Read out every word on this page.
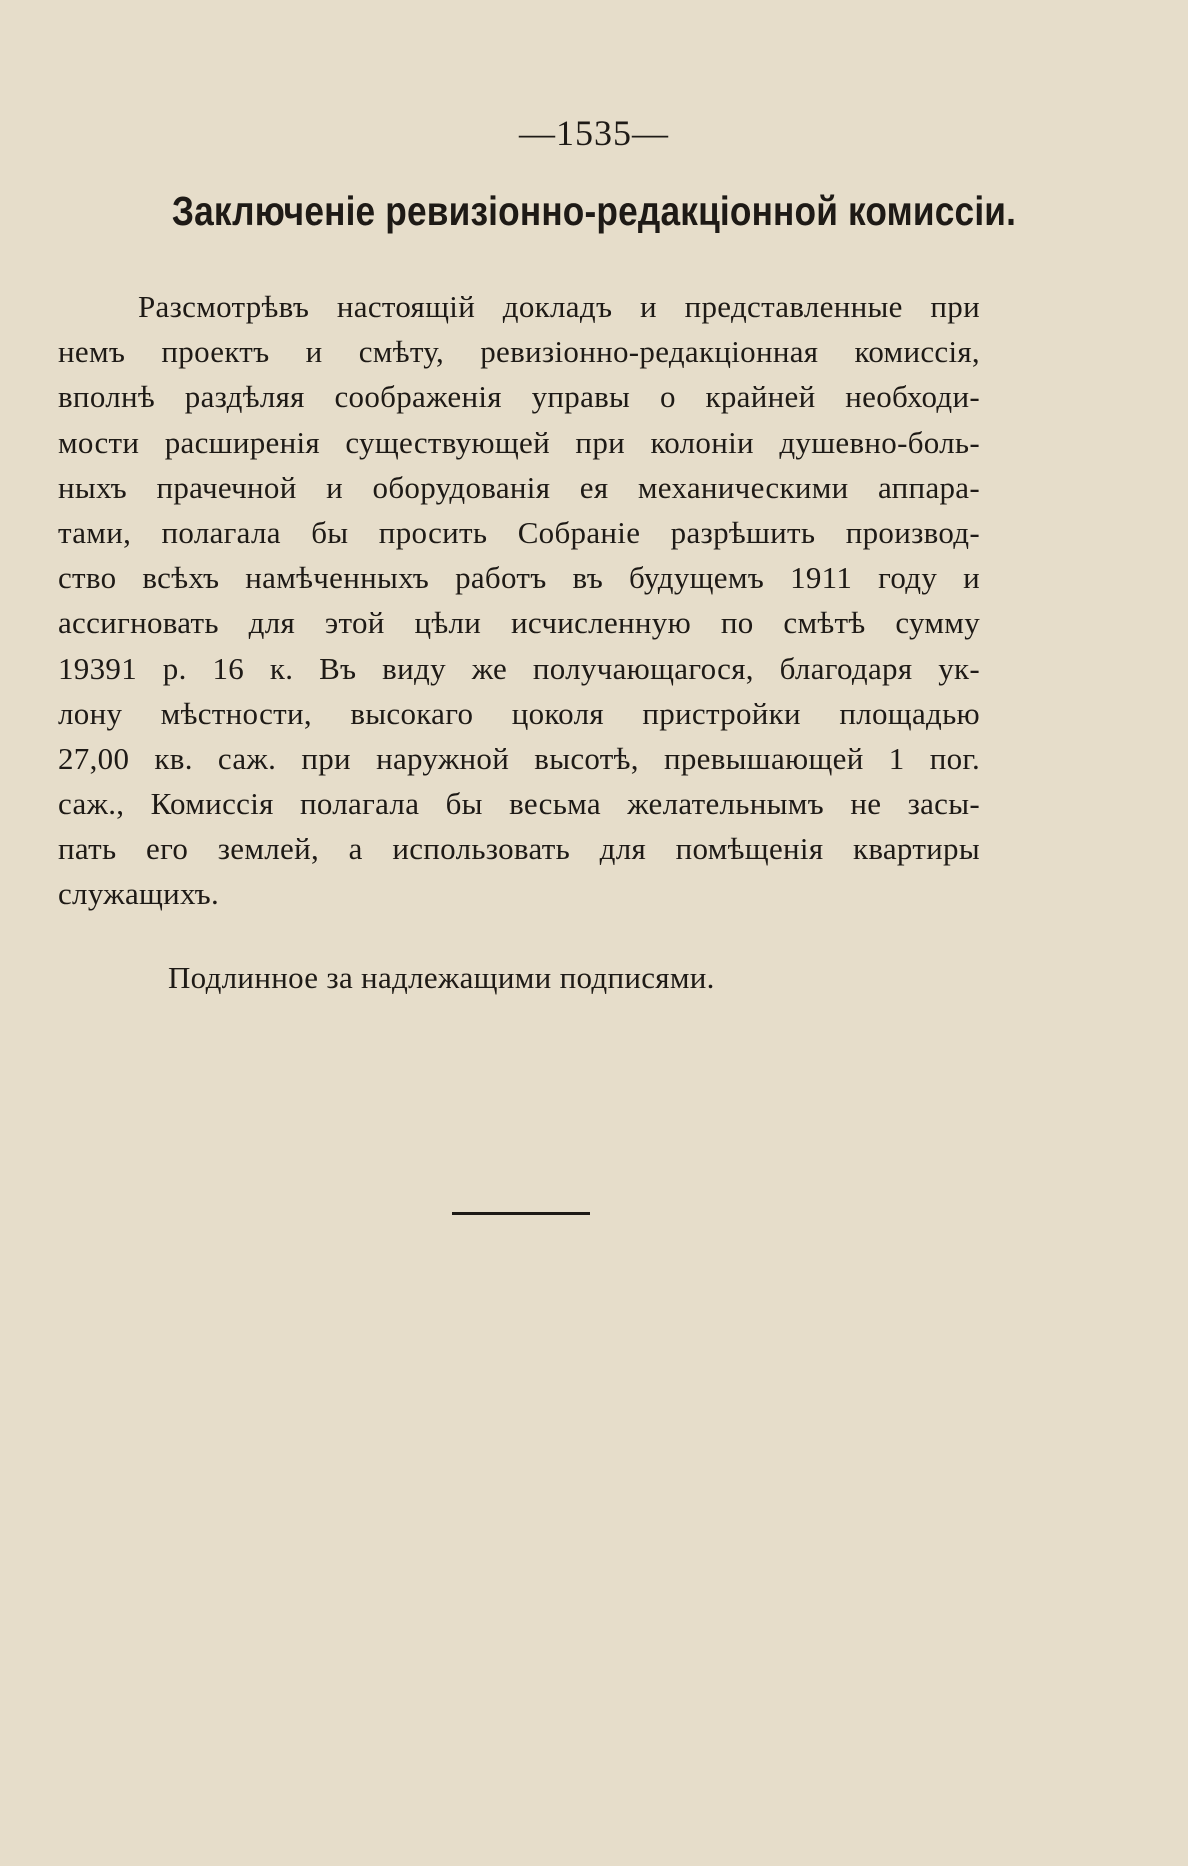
—1535—
Заключеніе ревизіонно-редакціонной комиссіи.
Разсмотрѣвъ настоящій докладъ и представленные при
немъ проектъ и смѣту, ревизіонно-редакціонная комиссія,
вполнѣ раздѣляя соображенія управы о крайней необходи-
мости расширенія существующей при колоніи душевно-боль-
ныхъ прачечной и оборудованія ея механическими аппара-
тами, полагала бы просить Собраніе разрѣшить производ-
ство всѣхъ намѣченныхъ работъ въ будущемъ 1911 году и
ассигновать для этой цѣли исчисленную по смѣтѣ сумму
19391 р. 16 к. Въ виду же получающагося, благодаря ук-
лону мѣстности, высокаго цоколя пристройки площадью
27,00 кв. саж. при наружной высотѣ, превышающей 1 пог.
саж., Комиссія полагала бы весьма желательнымъ не засы-
пать его землей, а использовать для помѣщенія квартиры
служащихъ.
Подлинное за надлежащими подписями.
